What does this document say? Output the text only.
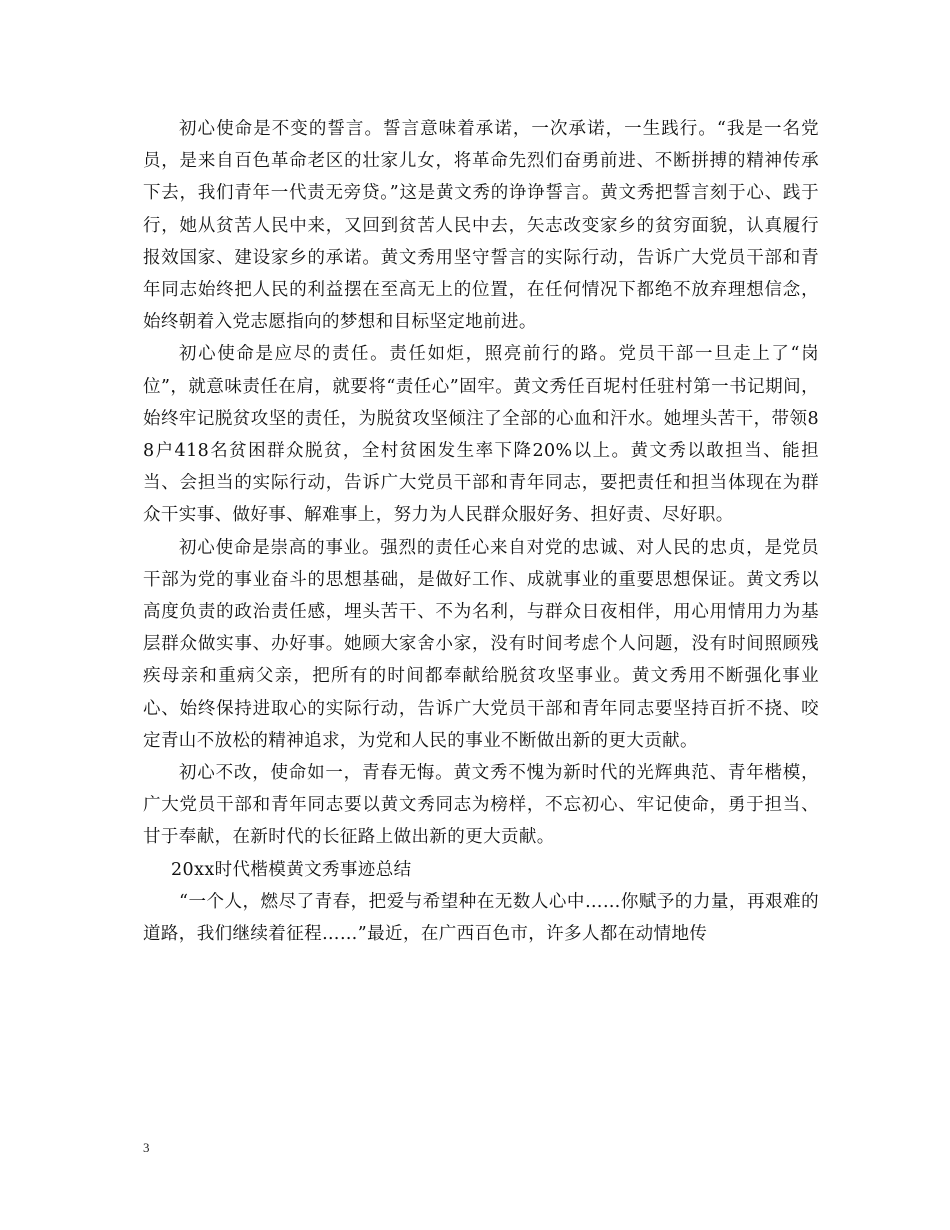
初心使命是不变的誓言。誓言意味着承诺，一次承诺，一生践行。“我是一名党员，是来自百色革命老区的壮家儿女，将革命先烈们奋勇前进、不断拼搏的精神传承下去，我们青年一代责无旁贷。”这是黄文秀的诤诤誓言。黄文秀把誓言刻于心、践于行，她从贫苦人民中来，又回到贫苦人民中去，矢志改变家乡的贫穷面貌，认真履行报效国家、建设家乡的承诺。黄文秀用坚守誓言的实际行动，告诉广大党员干部和青年同志始终把人民的利益摆在至高无上的位置，在任何情况下都绝不放弃理想信念，始终朝着入党志愿指向的梦想和目标坚定地前进。

初心使命是应尽的责任。责任如炬，照亮前行的路。党员干部一旦走上了“岗位”，就意味责任在肩，就要将“责任心”固牢。黄文秀任百坭村任驻村第一书记期间，始终牢记脱贫攻坚的责任，为脱贫攻坚倾注了全部的心血和汗水。她埋头苦干，带领88户418名贫困群众脱贫，全村贫困发生率下降20%以上。黄文秀以敢担当、能担当、会担当的实际行动，告诉广大党员干部和青年同志，要把责任和担当体现在为群众干实事、做好事、解难事上，努力为人民群众服好务、担好责、尽好职。

初心使命是崇高的事业。强烈的责任心来自对党的忠诚、对人民的忠贞，是党员干部为党的事业奋斗的思想基础，是做好工作、成就事业的重要思想保证。黄文秀以高度负责的政治责任感，埋头苦干、不为名利，与群众日夜相伴，用心用情用力为基层群众做实事、办好事。她顾大家舍小家，没有时间考虑个人问题，没有时间照顾残疾母亲和重病父亲，把所有的时间都奉献给脱贫攻坚事业。黄文秀用不断强化事业心、始终保持进取心的实际行动，告诉广大党员干部和青年同志要坚持百折不挠、咬定青山不放松的精神追求，为党和人民的事业不断做出新的更大贡献。

初心不改，使命如一，青春无悔。黄文秀不愧为新时代的光辉典范、青年楷模，广大党员干部和青年同志要以黄文秀同志为榜样，不忘初心、牢记使命，勇于担当、甘于奉献，在新时代的长征路上做出新的更大贡献。

20xx时代楷模黄文秀事迹总结

“一个人，燃尽了青春，把爱与希望种在无数人心中……你赋予的力量，再艰难的道路，我们继续着征程……”最近，在广西百色市，许多人都在动情地传

3
